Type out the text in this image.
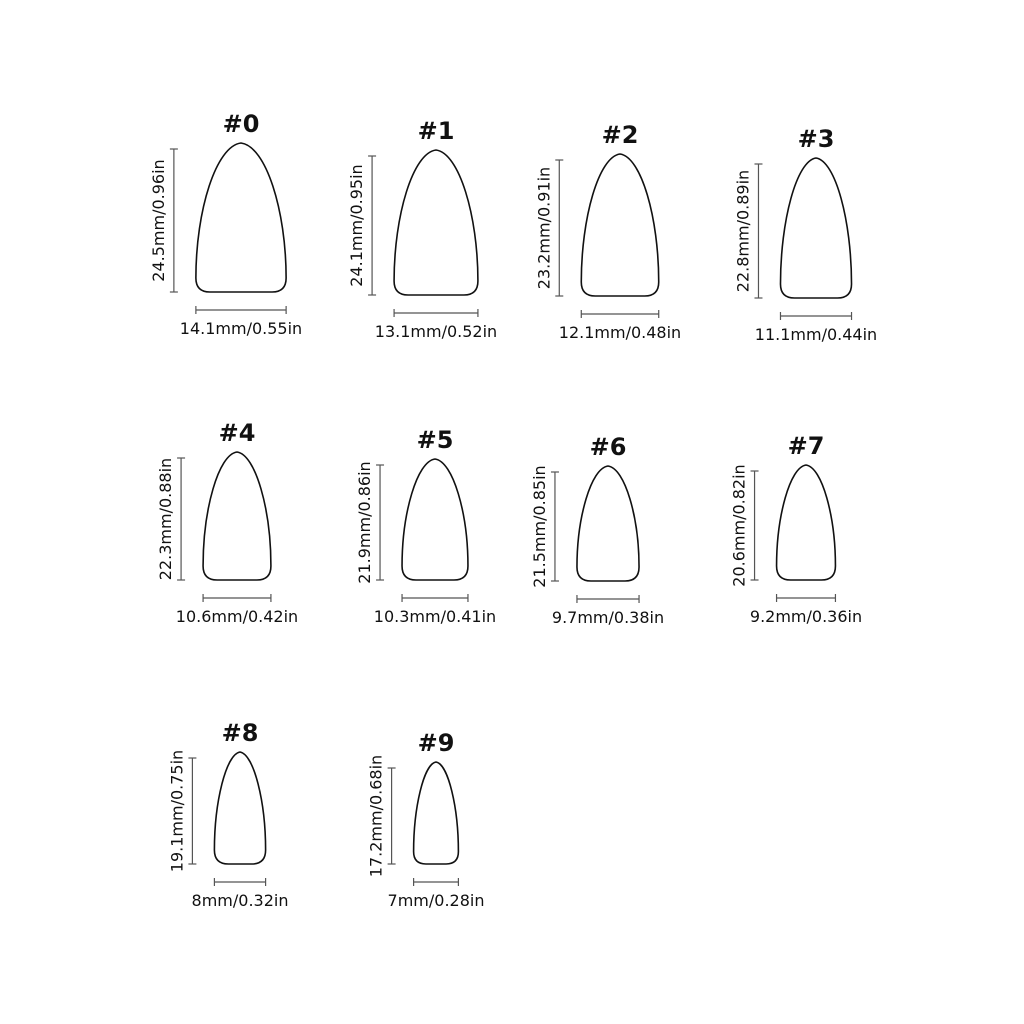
#0
24.5mm/0.96in
14.1mm/0.55in
#1
24.1mm/0.95in
13.1mm/0.52in
#2
23.2mm/0.91in
12.1mm/0.48in
#3
22.8mm/0.89in
11.1mm/0.44in
#4
22.3mm/0.88in
10.6mm/0.42in
#5
21.9mm/0.86in
10.3mm/0.41in
#6
21.5mm/0.85in
9.7mm/0.38in
#7
20.6mm/0.82in
9.2mm/0.36in
#8
19.1mm/0.75in
8mm/0.32in
#9
17.2mm/0.68in
7mm/0.28in
